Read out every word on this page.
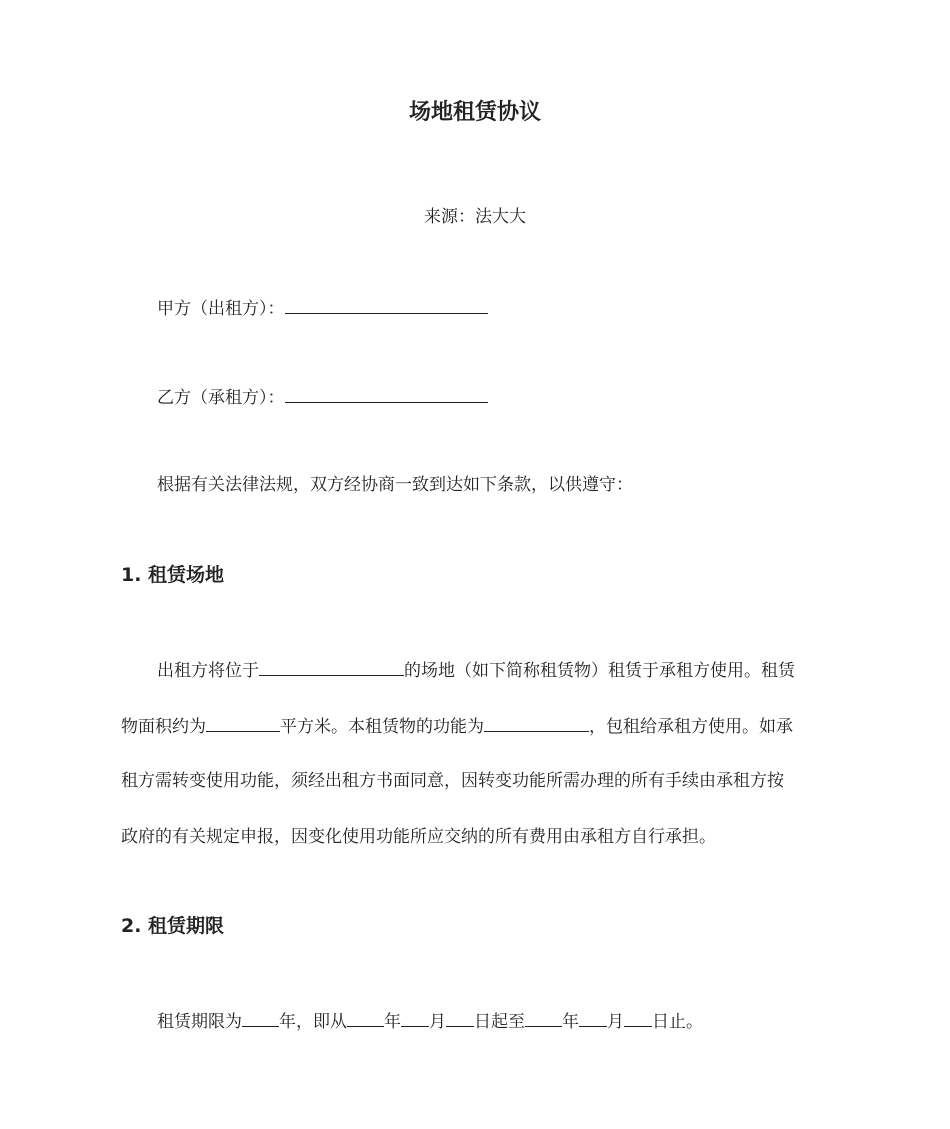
场地租赁协议
来源：法大大
甲方（出租方）：
乙方（承租方）：
根据有关法律法规，双方经协商一致到达如下条款，以供遵守：
1. 租赁场地
出租方将位于	的场地（如下简称租赁物）租赁于承租方使用。租赁
物面积约为	平方米。本租赁物的功能为	，包租给承租方使用。如承
租方需转变使用功能，须经出租方书面同意，因转变功能所需办理的所有手续由承租方按
政府的有关规定申报，因变化使用功能所应交纳的所有费用由承租方自行承担。
2. 租赁期限
租赁期限为 年，即从 年 月 日起至 年 月 日止。
